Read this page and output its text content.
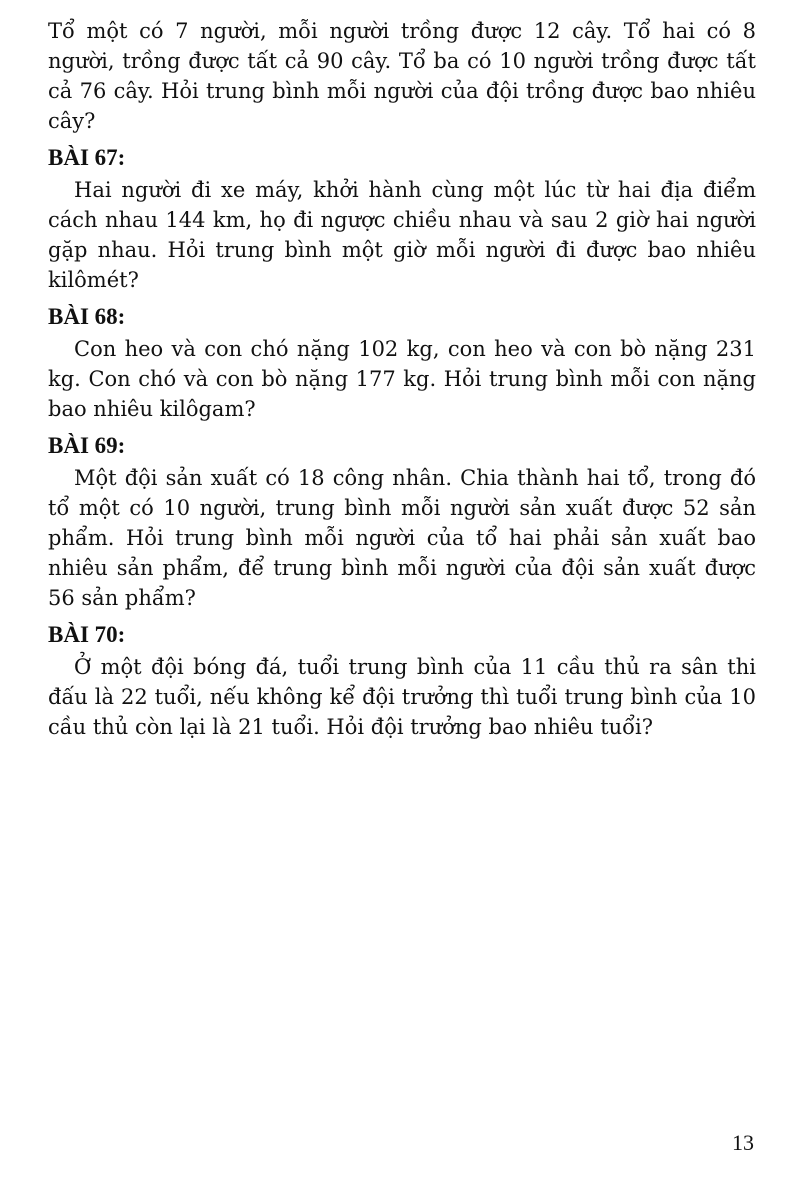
Tổ một có 7 người, mỗi người trồng được 12 cây. Tổ hai có 8 người, trồng được tất cả 90 cây. Tổ ba có 10 người trồng được tất cả 76 cây. Hỏi trung bình mỗi người của đội trồng được bao nhiêu cây?

BÀI 67:

Hai người đi xe máy, khởi hành cùng một lúc từ hai địa điểm cách nhau 144 km, họ đi ngược chiều nhau và sau 2 giờ hai người gặp nhau. Hỏi trung bình một giờ mỗi người đi được bao nhiêu kilômét?

BÀI 68:

Con heo và con chó nặng 102 kg, con heo và con bò nặng 231 kg. Con chó và con bò nặng 177 kg. Hỏi trung bình mỗi con nặng bao nhiêu kilôgam?

BÀI 69:

Một đội sản xuất có 18 công nhân. Chia thành hai tổ, trong đó tổ một có 10 người, trung bình mỗi người sản xuất được 52 sản phẩm. Hỏi trung bình mỗi người của tổ hai phải sản xuất bao nhiêu sản phẩm, để trung bình mỗi người của đội sản xuất được 56 sản phẩm?

BÀI 70:

Ở một đội bóng đá, tuổi trung bình của 11 cầu thủ ra sân thi đấu là 22 tuổi, nếu không kể đội trưởng thì tuổi trung bình của 10 cầu thủ còn lại là 21 tuổi. Hỏi đội trưởng bao nhiêu tuổi?

13
